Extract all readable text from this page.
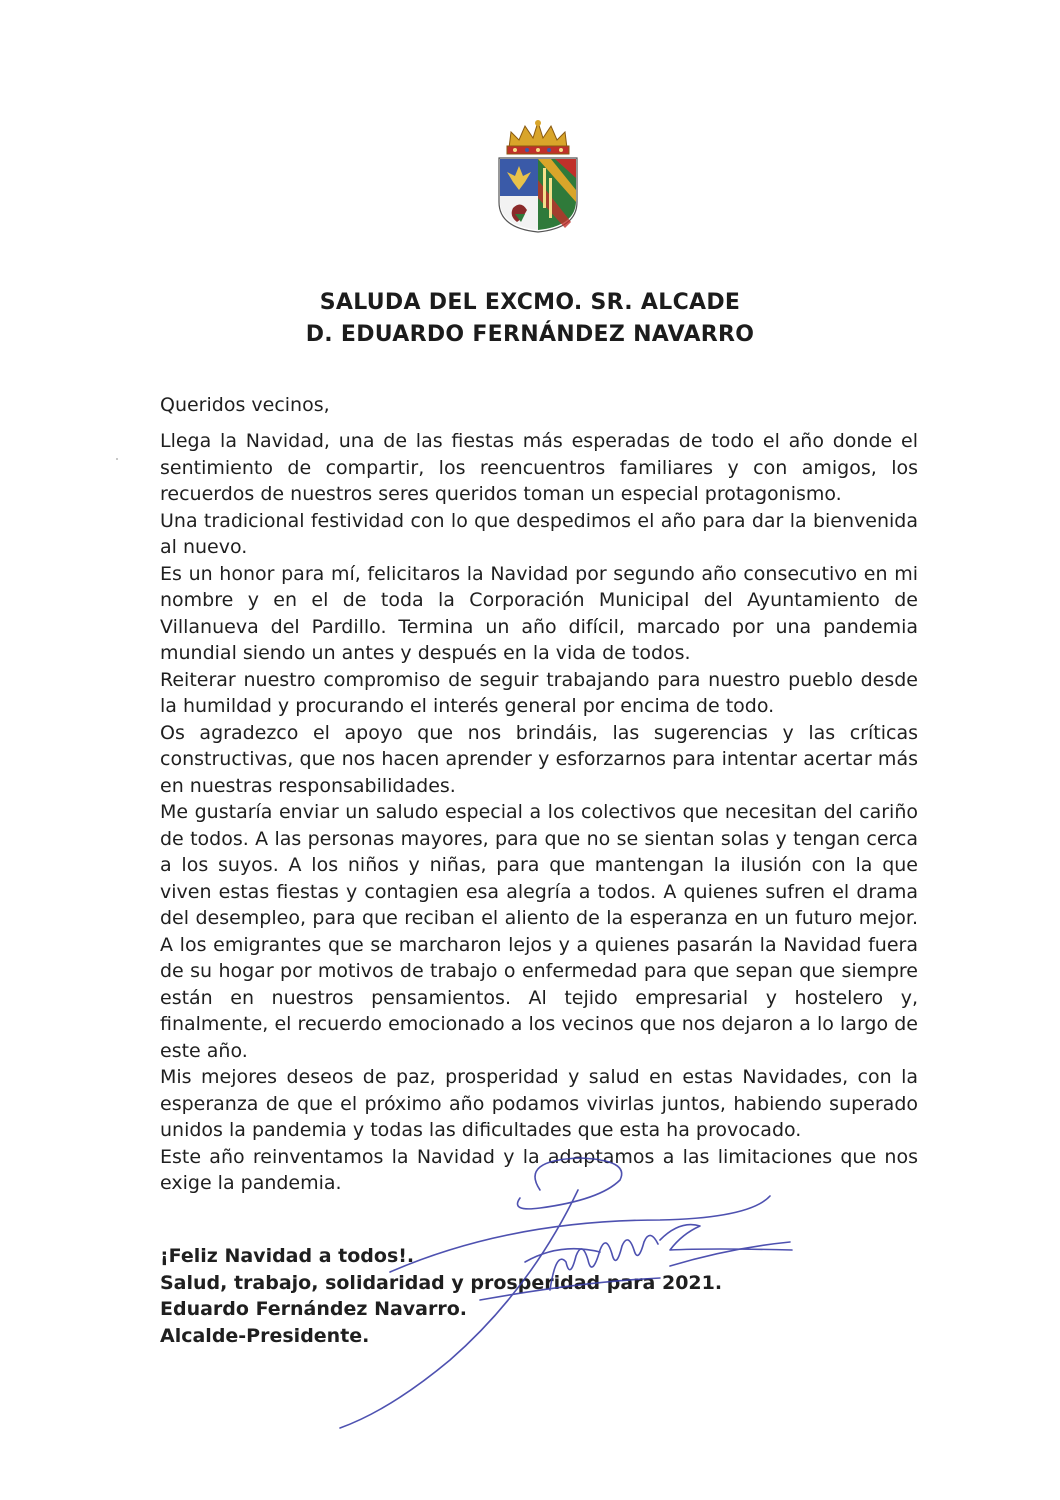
SALUDA DEL EXCMO. SR. ALCADE
D. EDUARDO FERNÁNDEZ NAVARRO
Queridos vecinos,

Llega la Navidad, una de las fiestas más esperadas de todo el año donde el sentimiento de compartir, los reencuentros familiares y con amigos, los recuerdos de nuestros seres queridos toman un especial protagonismo.

Una tradicional festividad con lo que despedimos el año para dar la bienvenida al nuevo.

Es un honor para mí, felicitaros la Navidad por segundo año consecutivo en mi nombre y en el de toda la Corporación Municipal del Ayuntamiento de Villanueva del Pardillo. Termina un año difícil, marcado por una pandemia mundial siendo un antes y después en la vida de todos.

Reiterar nuestro compromiso de seguir trabajando para nuestro pueblo desde la humildad y procurando el interés general por encima de todo.

Os agradezco el apoyo que nos brindáis, las sugerencias y las críticas constructivas, que nos hacen aprender y esforzarnos para intentar acertar más en nuestras responsabilidades.

Me gustaría enviar un saludo especial a los colectivos que necesitan del cariño de todos. A las personas mayores, para que no se sientan solas y tengan cerca a los suyos. A los niños y niñas, para que mantengan la ilusión con la que viven estas fiestas y contagien esa alegría a todos. A quienes sufren el drama del desempleo, para que reciban el aliento de la esperanza en un futuro mejor. A los emigrantes que se marcharon lejos y a quienes pasarán la Navidad fuera de su hogar por motivos de trabajo o enfermedad para que sepan que siempre están en nuestros pensamientos. Al tejido empresarial y hostelero y, finalmente, el recuerdo emocionado a los vecinos que nos dejaron a lo largo de este año.

Mis mejores deseos de paz, prosperidad y salud en estas Navidades, con la esperanza de que el próximo año podamos vivirlas juntos, habiendo superado unidos la pandemia y todas las dificultades que esta ha provocado.

Este año reinventamos la Navidad y la adaptamos a las limitaciones que nos exige la pandemia.

¡Feliz Navidad a todos!.
Salud, trabajo, solidaridad y prosperidad para 2021.
Eduardo Fernández Navarro.
Alcalde-Presidente.
